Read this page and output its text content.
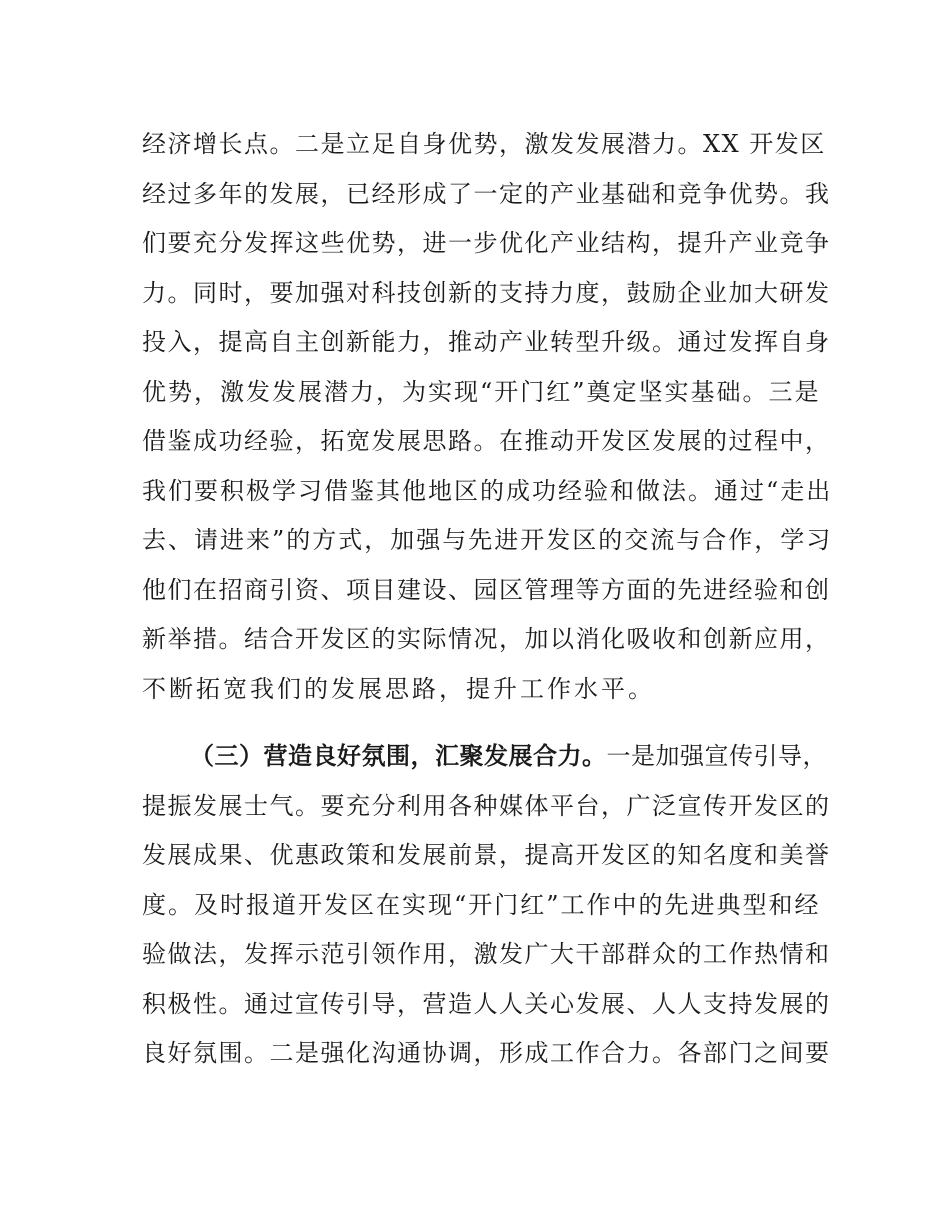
经济增长点。二是立足自身优势，激发发展潜力。XX 开发区
经过多年的发展，已经形成了一定的产业基础和竞争优势。我
们要充分发挥这些优势，进一步优化产业结构，提升产业竞争
力。同时，要加强对科技创新的支持力度，鼓励企业加大研发
投入，提高自主创新能力，推动产业转型升级。通过发挥自身
优势，激发发展潜力，为实现“开门红”奠定坚实基础。三是
借鉴成功经验，拓宽发展思路。在推动开发区发展的过程中，
我们要积极学习借鉴其他地区的成功经验和做法。通过“走出
去、请进来”的方式，加强与先进开发区的交流与合作，学习
他们在招商引资、项目建设、园区管理等方面的先进经验和创
新举措。结合开发区的实际情况，加以消化吸收和创新应用，
不断拓宽我们的发展思路，提升工作水平。
（三）营造良好氛围，汇聚发展合力。一是加强宣传引导，
提振发展士气。要充分利用各种媒体平台，广泛宣传开发区的
发展成果、优惠政策和发展前景，提高开发区的知名度和美誉
度。及时报道开发区在实现“开门红”工作中的先进典型和经
验做法，发挥示范引领作用，激发广大干部群众的工作热情和
积极性。通过宣传引导，营造人人关心发展、人人支持发展的
良好氛围。二是强化沟通协调，形成工作合力。各部门之间要
